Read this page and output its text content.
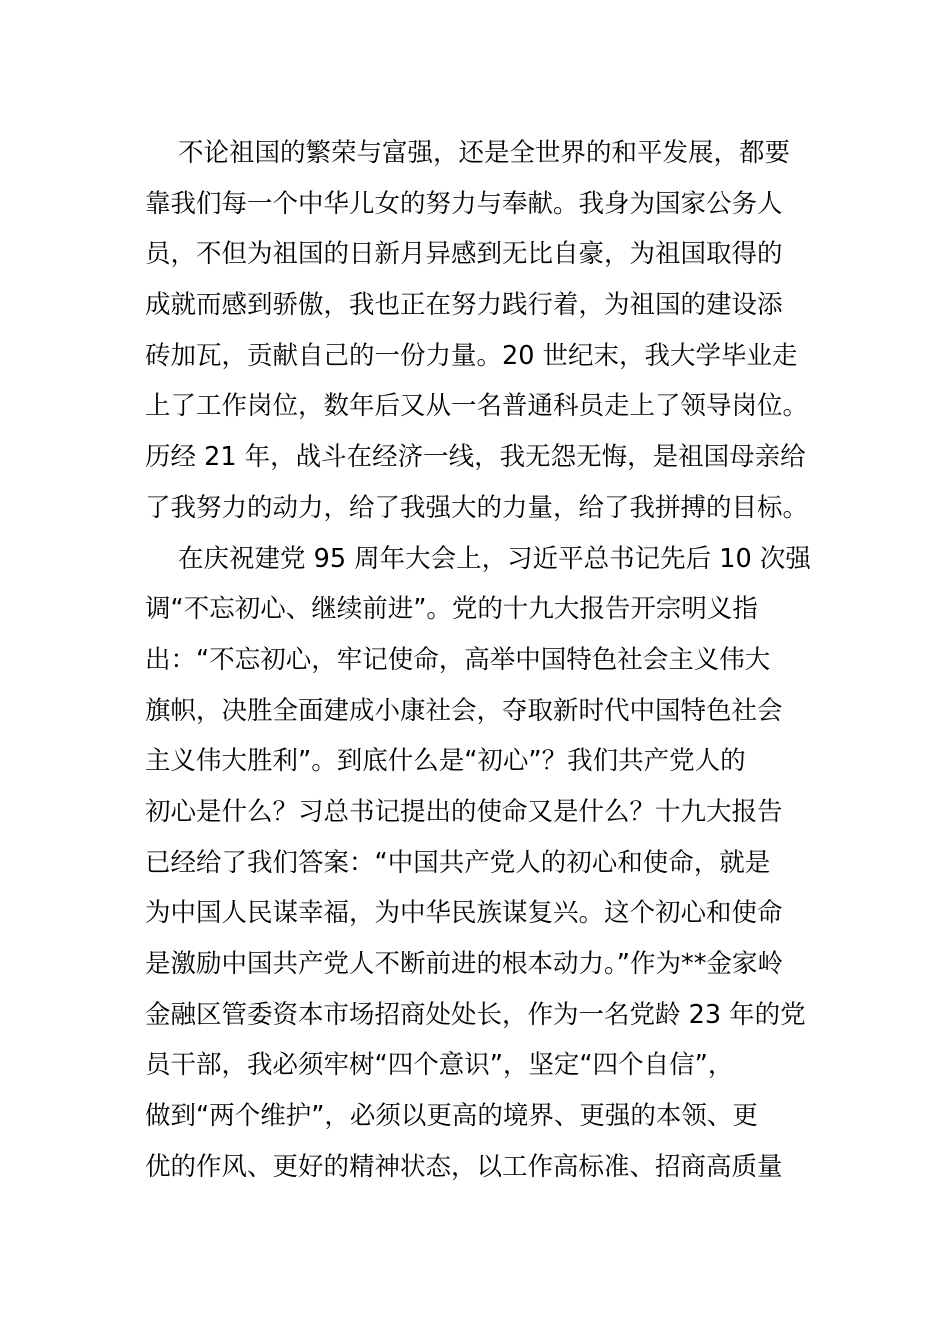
不论祖国的繁荣与富强，还是全世界的和平发展，都要
靠我们每一个中华儿女的努力与奉献。我身为国家公务人
员，不但为祖国的日新月异感到无比自豪，为祖国取得的
成就而感到骄傲，我也正在努力践行着，为祖国的建设添
砖加瓦，贡献自己的一份力量。20 世纪末，我大学毕业走
上了工作岗位，数年后又从一名普通科员走上了领导岗位。
历经 21 年，战斗在经济一线，我无怨无悔，是祖国母亲给
了我努力的动力，给了我强大的力量，给了我拼搏的目标。
在庆祝建党 95 周年大会上，习近平总书记先后 10 次强
调“不忘初心、继续前进”。党的十九大报告开宗明义指
出：“不忘初心，牢记使命，高举中国特色社会主义伟大
旗帜，决胜全面建成小康社会，夺取新时代中国特色社会
主义伟大胜利”。到底什么是“初心”？我们共产党人的
初心是什么？习总书记提出的使命又是什么？十九大报告
已经给了我们答案：“中国共产党人的初心和使命，就是
为中国人民谋幸福，为中华民族谋复兴。这个初心和使命
是激励中国共产党人不断前进的根本动力。”作为**金家岭
金融区管委资本市场招商处处长，作为一名党龄 23 年的党
员干部，我必须牢树“四个意识”，坚定“四个自信”，
做到“两个维护”，必须以更高的境界、更强的本领、更
优的作风、更好的精神状态，以工作高标准、招商高质量
